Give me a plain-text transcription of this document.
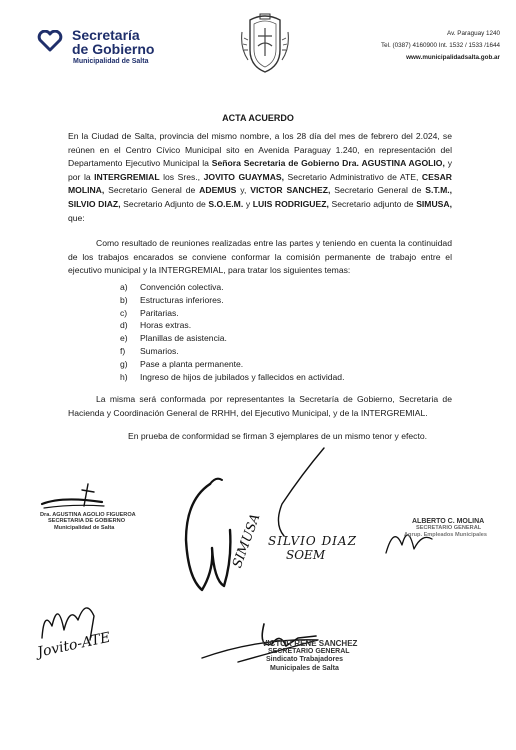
Secretaría
de Gobierno
Municipalidad de Salta
Av. Paraguay 1240
Tel. (0387) 4160900 Int. 1532 / 1533 /1644
www.municipalidadsalta.gob.ar
ACTA ACUERDO
En la Ciudad de Salta, provincia del mismo nombre, a los 28 día del mes de febrero del 2.024, se reúnen en el Centro Cívico Municipal sito en Avenida Paraguay 1.240, en representación del Departamento Ejecutivo Municipal la Señora Secretaria de Gobierno Dra. AGUSTINA AGOLIO, y por la INTERGREMIAL los Sres., JOVITO GUAYMAS, Secretario Administrativo de ATE, CESAR MOLINA, Secretario General de ADEMUS y, VICTOR SANCHEZ, Secretario General de S.T.M., SILVIO DIAZ, Secretario Adjunto de S.O.E.M. y LUIS RODRIGUEZ, Secretario adjunto de SIMUSA, que:
Como resultado de reuniones realizadas entre las partes y teniendo en cuenta la continuidad de los trabajos encarados se conviene conformar la comisión permanente de trabajo entre el ejecutivo municipal y la INTERGREMIAL, para tratar los siguientes temas:
a) Convención colectiva.
b) Estructuras inferiores.
c) Paritarias.
d) Horas extras.
e) Planillas de asistencia.
f) Sumarios.
g) Pase a planta permanente.
h) Ingreso de hijos de jubilados y fallecidos en actividad.
La misma será conformada por representantes la Secretaría de Gobierno, Secretaria de Hacienda y Coordinación General de RRHH, del Ejecutivo Municipal, y de la INTERGREMIAL.
En prueba de conformidad se firman 3 ejemplares de un mismo tenor y efecto.
Dra. AGUSTINA AGOLIO FIGUEROA
SECRETARIA DE GOBIERNO
Municipalidad de Salta	SIMUSA SILVIO DIAZ
SOEM
ALBERTO C. MOLINA
SECRETARIO GENERAL
Agrup. Empleados Municipales
Jovito-ATE	VICTOR RENE SANCHEZ
SECRETARIO GENERAL
Sindicato Trabajadores
Municipales de Salta
